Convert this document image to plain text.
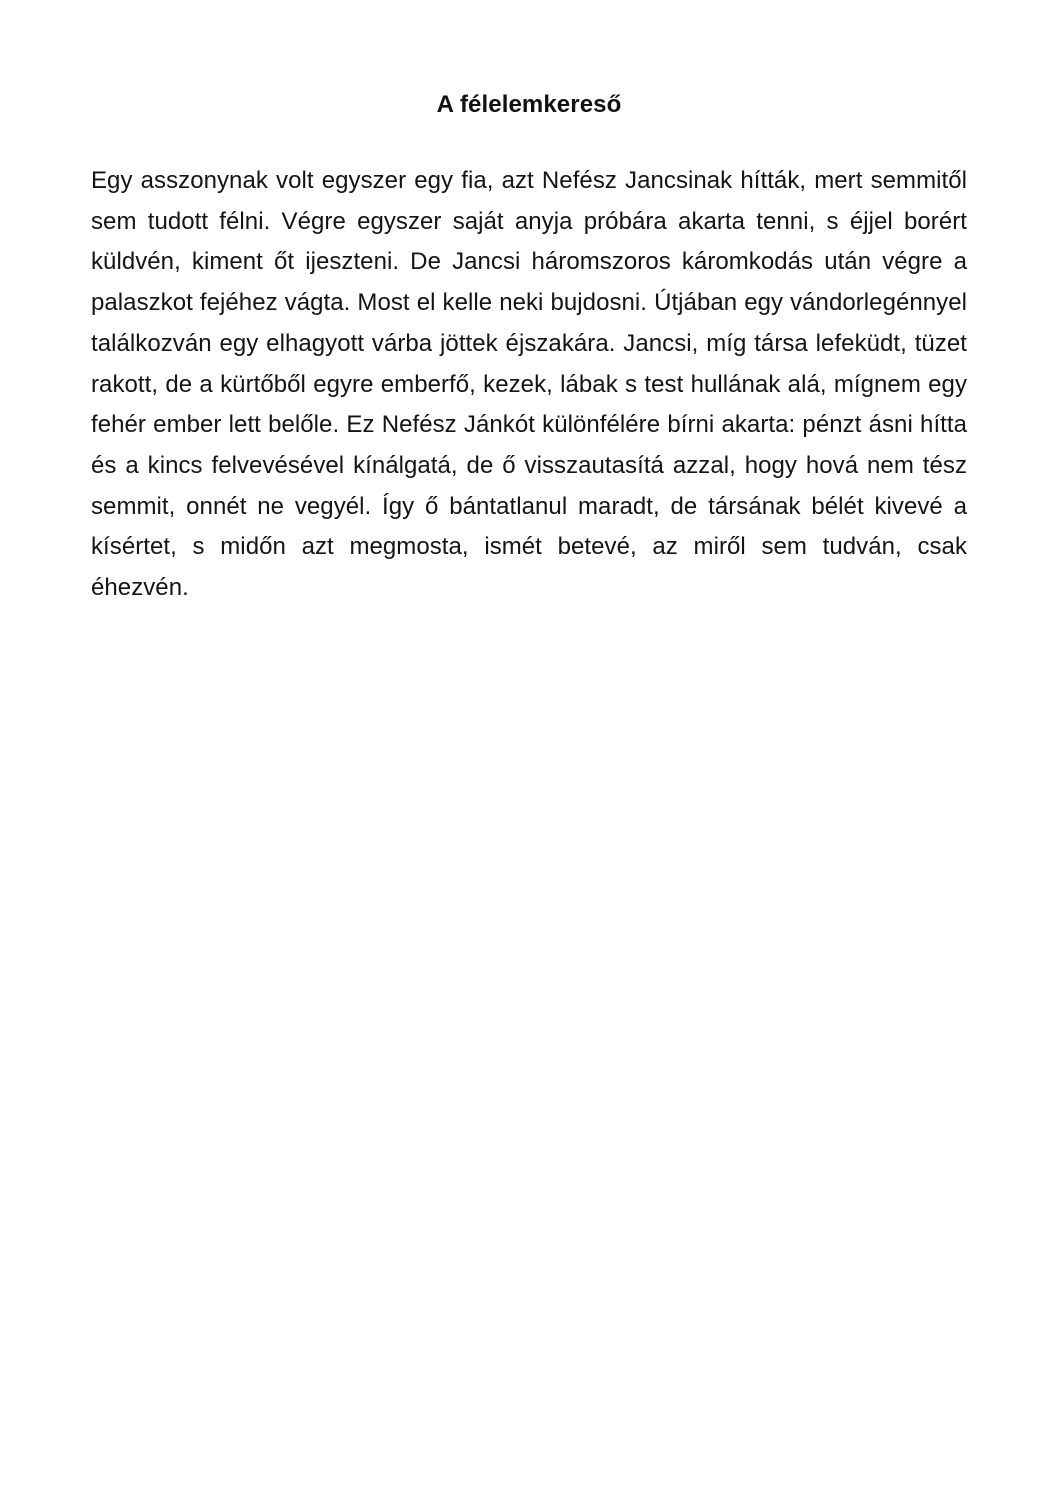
A félelemkereső

Egy asszonynak volt egyszer egy fia, azt Nefész Jancsinak hítták, mert semmitől sem tudott félni. Végre egyszer saját anyja próbára akarta tenni, s éjjel borért küldvén, kiment őt ijeszteni. De Jancsi háromszoros káromkodás után végre a palaszkot fejéhez vágta. Most el kelle neki bujdosni. Útjában egy vándorlegénnyel találkozván egy elhagyott várba jöttek éjszakára. Jancsi, míg társa lefeküdt, tüzet rakott, de a kürtőből egyre emberfő, kezek, lábak s test hullának alá, mígnem egy fehér ember lett belőle. Ez Nefész Jánkót különfélére bírni akarta: pénzt ásni hítta és a kincs felvevésével kínálgatá, de ő visszautasítá azzal, hogy hová nem tész semmit, onnét ne vegyél. Így ő bántatlanul maradt, de társának bélét kivevé a kísértet, s midőn azt megmosta, ismét betevé, az miről sem tudván, csak éhezvén.
